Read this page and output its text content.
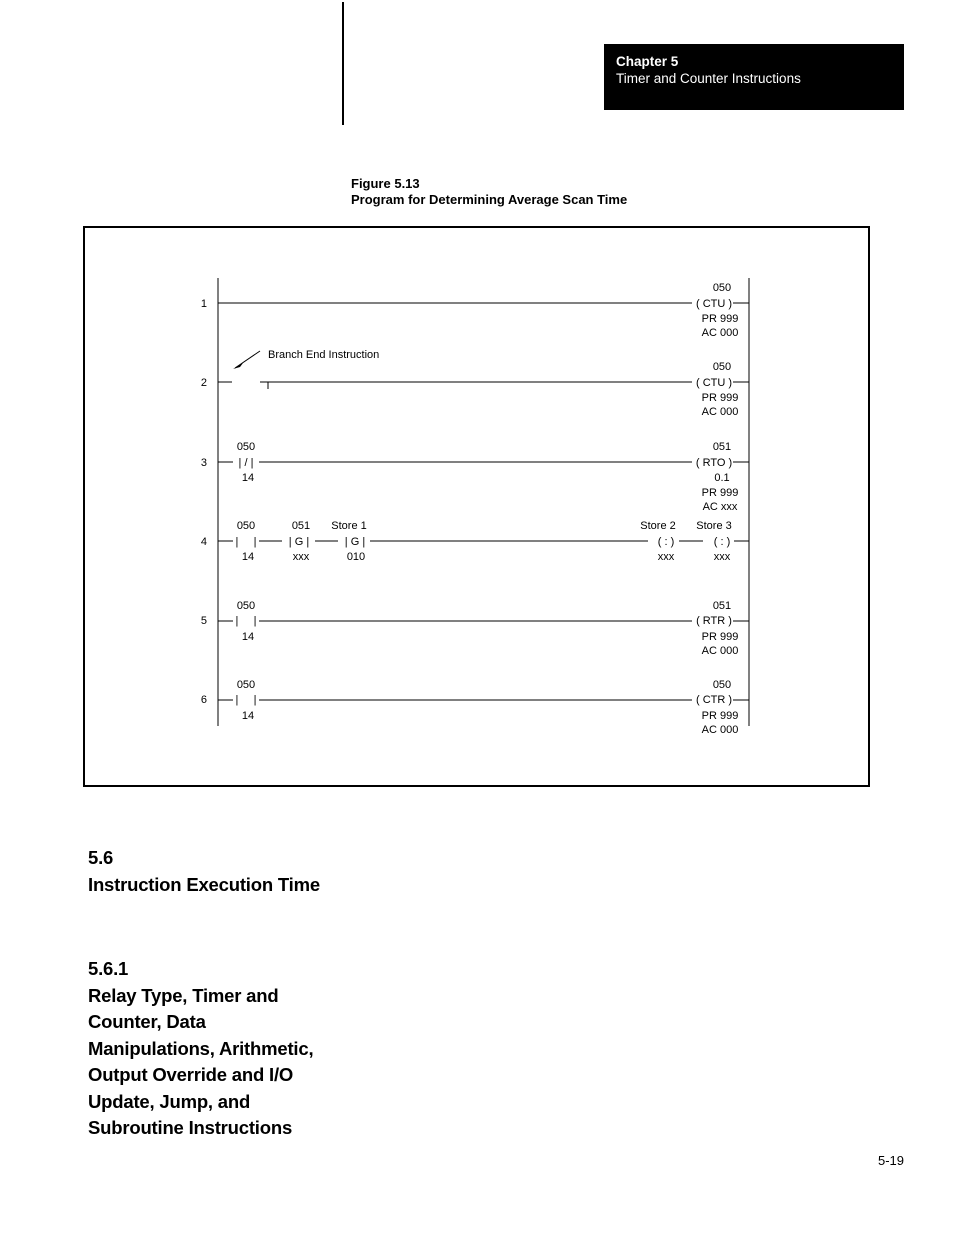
Chapter 5
Timer and Counter Instructions
Figure 5.13
Program for Determining Average Scan Time
1
2
3
4
5
6
Branch End Instruction
050
( CTU )
PR 999
AC 000
050
( CTU )
PR 999
AC 000
050
| / |
14
051
( RTO )
0.1
PR 999
AC xxx
050
|     |
14
051
| G |
xxx
Store 1
| G |
010
Store 2
( : )
xxx
Store 3
( : )
xxx
050
|     |
14
051
( RTR )
PR 999
AC 000
050
|     |
14
050
( CTR )
PR 999
AC 000
5.6
Instruction Execution Time
5.6.1
Relay Type, Timer and
Counter, Data
Manipulations, Arithmetic,
Output Override and I/O
Update, Jump, and
Subroutine Instructions
5-19
